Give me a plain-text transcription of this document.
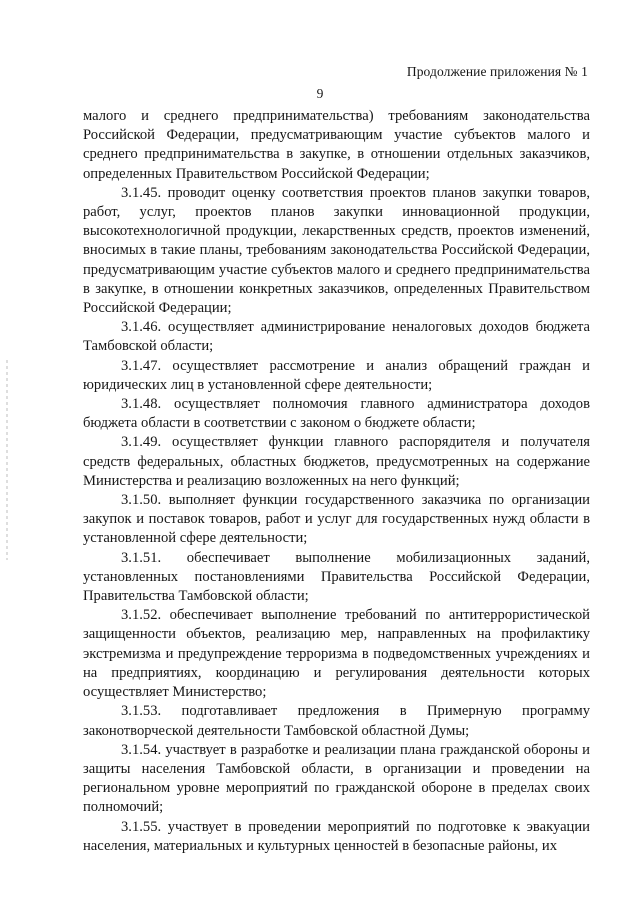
Продолжение приложения № 1
9

малого и среднего предпринимательства) требованиям законодательства Российской Федерации, предусматривающим участие субъектов малого и среднего предпринимательства в закупке, в отношении отдельных заказчиков, определенных Правительством Российской Федерации;

3.1.45. проводит оценку соответствия проектов планов закупки товаров, работ, услуг, проектов планов закупки инновационной продукции, высокотехнологичной продукции, лекарственных средств, проектов изменений, вносимых в такие планы, требованиям законодательства Российской Федерации, предусматривающим участие субъектов малого и среднего предпринимательства в закупке, в отношении конкретных заказчиков, определенных Правительством Российской Федерации;

3.1.46. осуществляет администрирование неналоговых доходов бюджета Тамбовской области;

3.1.47. осуществляет рассмотрение и анализ обращений граждан и юридических лиц в установленной сфере деятельности;

3.1.48. осуществляет полномочия главного администратора доходов бюджета области в соответствии с законом о бюджете области;

3.1.49. осуществляет функции главного распорядителя и получателя средств федеральных, областных бюджетов, предусмотренных на содержание Министерства и реализацию возложенных на него функций;

3.1.50. выполняет функции государственного заказчика по организации закупок и поставок товаров, работ и услуг для государственных нужд области в установленной сфере деятельности;

3.1.51. обеспечивает выполнение мобилизационных заданий, установленных постановлениями Правительства Российской Федерации, Правительства Тамбовской области;

3.1.52. обеспечивает выполнение требований по антитеррористической защищенности объектов, реализацию мер, направленных на профилактику экстремизма и предупреждение терроризма в подведомственных учреждениях и на предприятиях, координацию и регулирования деятельности которых осуществляет Министерство;

3.1.53. подготавливает предложения в Примерную программу законотворческой деятельности Тамбовской областной Думы;

3.1.54. участвует в разработке и реализации плана гражданской обороны и защиты населения Тамбовской области, в организации и проведении на региональном уровне мероприятий по гражданской обороне в пределах своих полномочий;

3.1.55. участвует в проведении мероприятий по подготовке к эвакуации населения, материальных и культурных ценностей в безопасные районы, их
